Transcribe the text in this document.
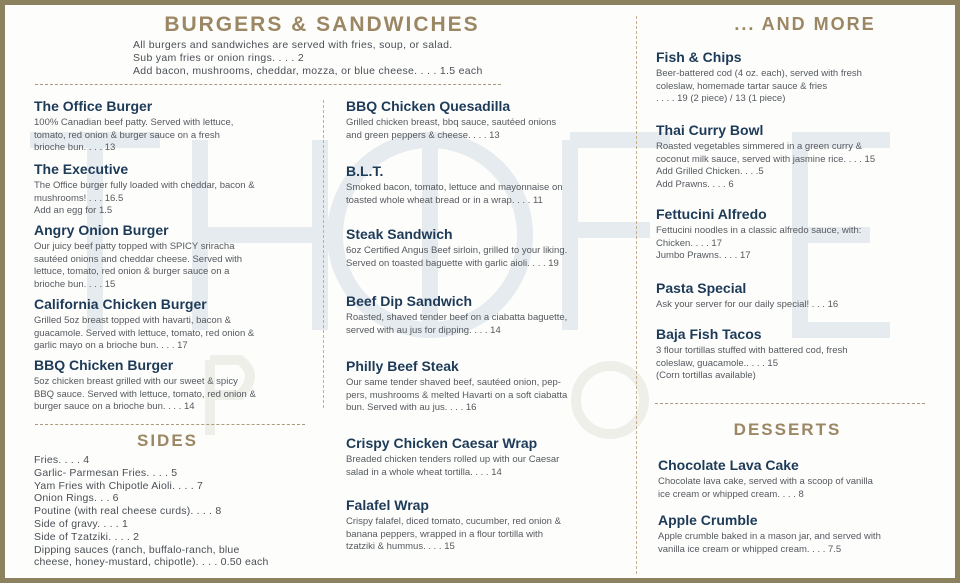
BURGERS & SANDWICHES
All burgers and sandwiches are served with fries, soup, or salad.
Sub yam fries or onion rings. . . . 2
Add bacon, mushrooms, cheddar, mozza, or blue cheese. . . . 1.5 each
The Office Burger

100% Canadian beef patty. Served with lettuce,
tomato, red onion & burger sauce on a fresh
brioche bun. . . . 13

The Executive

The Office burger fully loaded with cheddar, bacon &
mushrooms! . . . 16.5
Add an egg for 1.5

Angry Onion Burger

Our juicy beef patty topped with SPICY sriracha
sautéed onions and cheddar cheese. Served with
lettuce, tomato, red onion & burger sauce on a
brioche bun. . . . 15

California Chicken Burger

Grilled 5oz breast topped with havarti, bacon &
guacamole. Served with lettuce, tomato, red onion &
garlic mayo on a brioche bun. . . . 17

BBQ Chicken Burger

5oz chicken breast grilled with our sweet & spicy
BBQ sauce. Served with lettuce, tomato, red onion &
burger sauce on a brioche bun. . . . 14

BBQ Chicken Quesadilla

Grilled chicken breast, bbq sauce, sautéed onions
and green peppers & cheese. . . . 13

B.L.T.

Smoked bacon, tomato, lettuce and mayonnaise on
toasted whole wheat bread or in a wrap. . . . 11

Steak Sandwich

6oz Certified Angus Beef sirloin, grilled to your liking.
Served on toasted baguette with garlic aioli. . . . 19

Beef Dip Sandwich

Roasted, shaved tender beef on a ciabatta baguette,
served with au jus for dipping. . . . 14

Philly Beef Steak

Our same tender shaved beef, sautéed onion, pep-
pers, mushrooms & melted Havarti on a soft ciabatta
bun. Served with au jus. . . . 16

Crispy Chicken Caesar Wrap

Breaded chicken tenders rolled up with our Caesar
salad in a whole wheat tortilla. . . . 14

Falafel Wrap

Crispy falafel, diced tomato, cucumber, red onion &
banana peppers, wrapped in a flour tortilla with
tzatziki & hummus. . . . 15

Fish & Chips

Beer-battered cod (4 oz. each), served with fresh
coleslaw, homemade tartar sauce & fries
. . . . 19 (2 piece) / 13 (1 piece)

Thai Curry Bowl

Roasted vegetables simmered in a green curry &
coconut milk sauce, served with jasmine rice. . . . 15
Add Grilled Chicken. . . .5
Add Prawns. . . . 6

Fettucini Alfredo

Fettucini noodles in a classic alfredo sauce, with:
Chicken. . . . 17
Jumbo Prawns. . . . 17

Pasta Special

Ask your server for our daily special! . . . 16

Baja Fish Tacos

3 flour tortillas stuffed with battered cod, fresh
coleslaw, guacamole.. . . . 15
(Corn tortillas available)

Chocolate Lava Cake

Chocolate lava cake, served with a scoop of vanilla
ice cream or whipped cream. . . . 8

Apple Crumble

Apple crumble baked in a mason jar, and served with
vanilla ice cream or whipped cream. . . . 7.5

SIDES
Fries. . . . 4
Garlic- Parmesan Fries. . . . 5
Yam Fries with Chipotle Aioli. . . . 7
Onion Rings. . . 6
Poutine (with real cheese curds). . . . 8
Side of gravy. . . . 1
Side of Tzatziki. . . . 2
Dipping sauces (ranch, buffalo-ranch, blue
cheese, honey-mustard, chipotle). . . . 0.50 each
... AND MORE
DESSERTS
